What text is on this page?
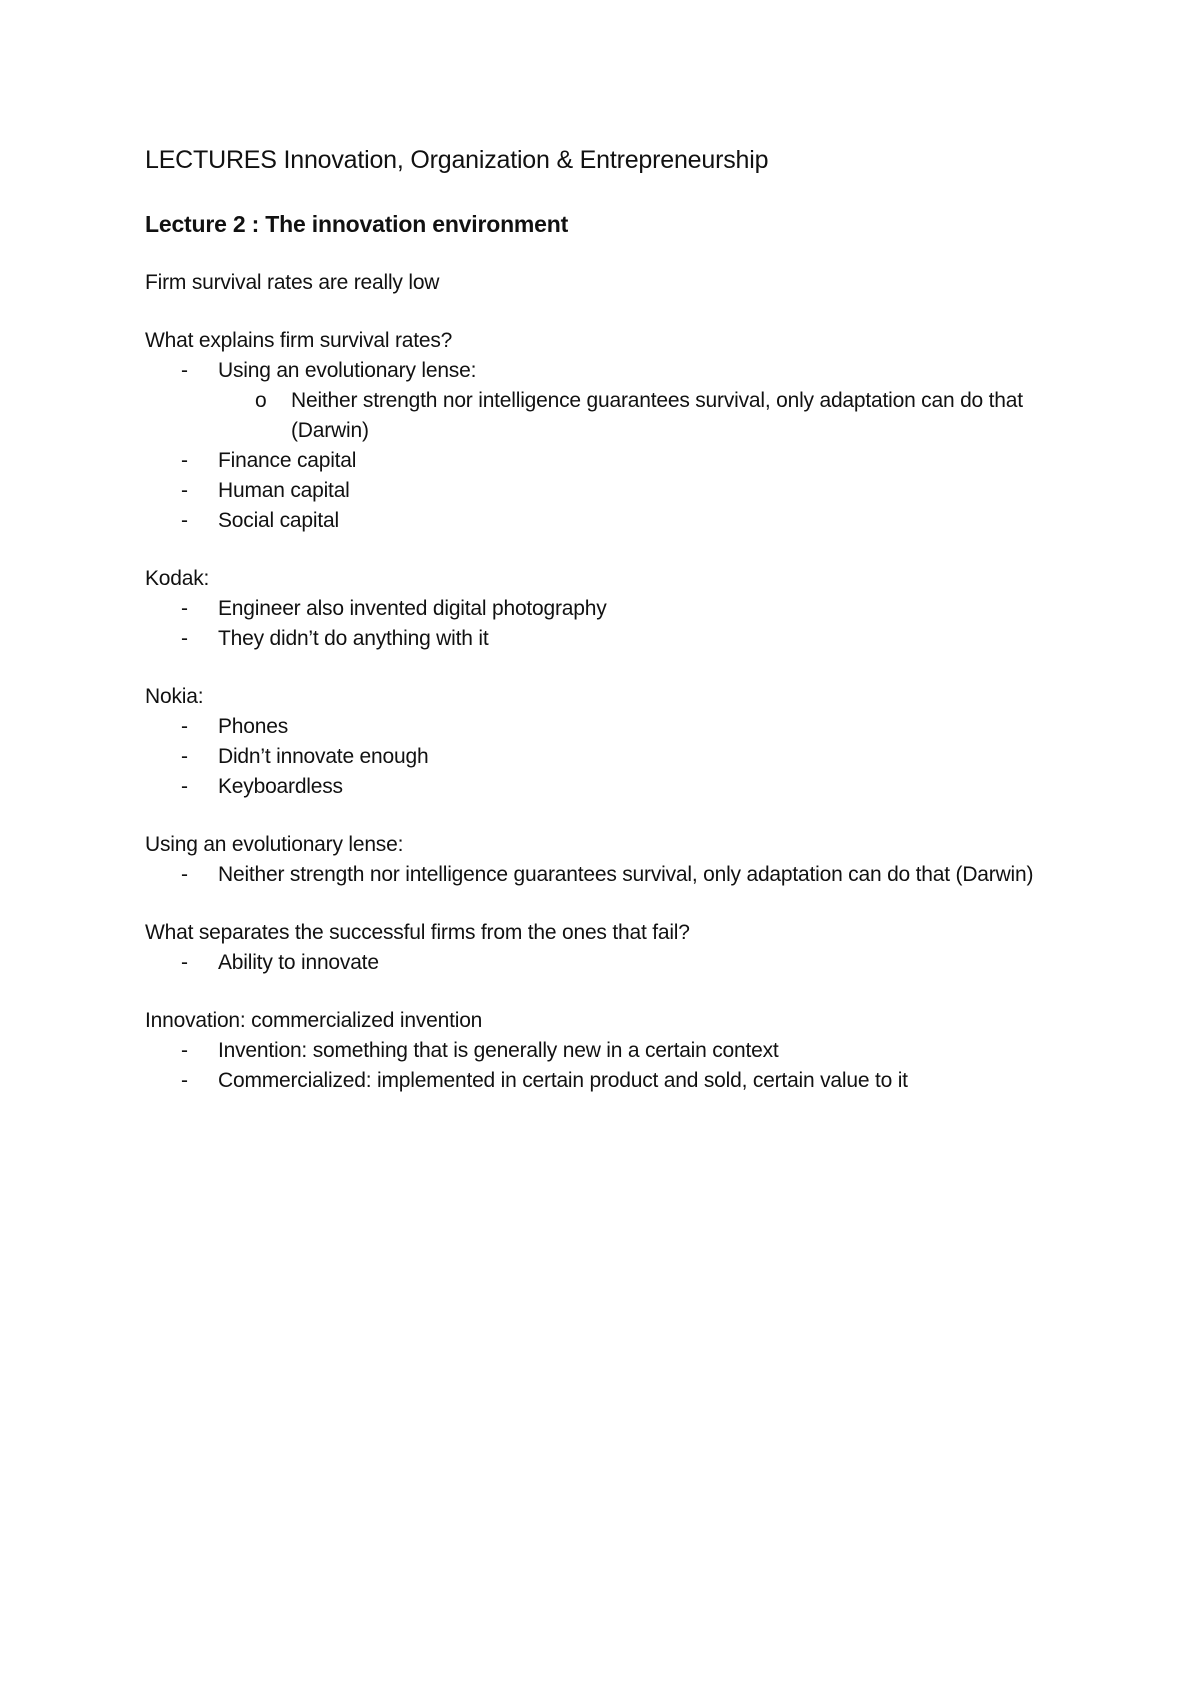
LECTURES Innovation, Organization & Entrepreneurship
Lecture 2 : The innovation environment

Firm survival rates are really low

What explains firm survival rates?
- Using an evolutionary lense:
o Neither strength nor intelligence guarantees survival, only adaptation can do that (Darwin)
- Finance capital
- Human capital
- Social capital
Kodak:
- Engineer also invented digital photography
- They didn’t do anything with it
Nokia:
- Phones
- Didn’t innovate enough
- Keyboardless
Using an evolutionary lense:
- Neither strength nor intelligence guarantees survival, only adaptation can do that (Darwin)
What separates the successful firms from the ones that fail?
- Ability to innovate
Innovation: commercialized invention
- Invention: something that is generally new in a certain context
- Commercialized: implemented in certain product and sold, certain value to it
